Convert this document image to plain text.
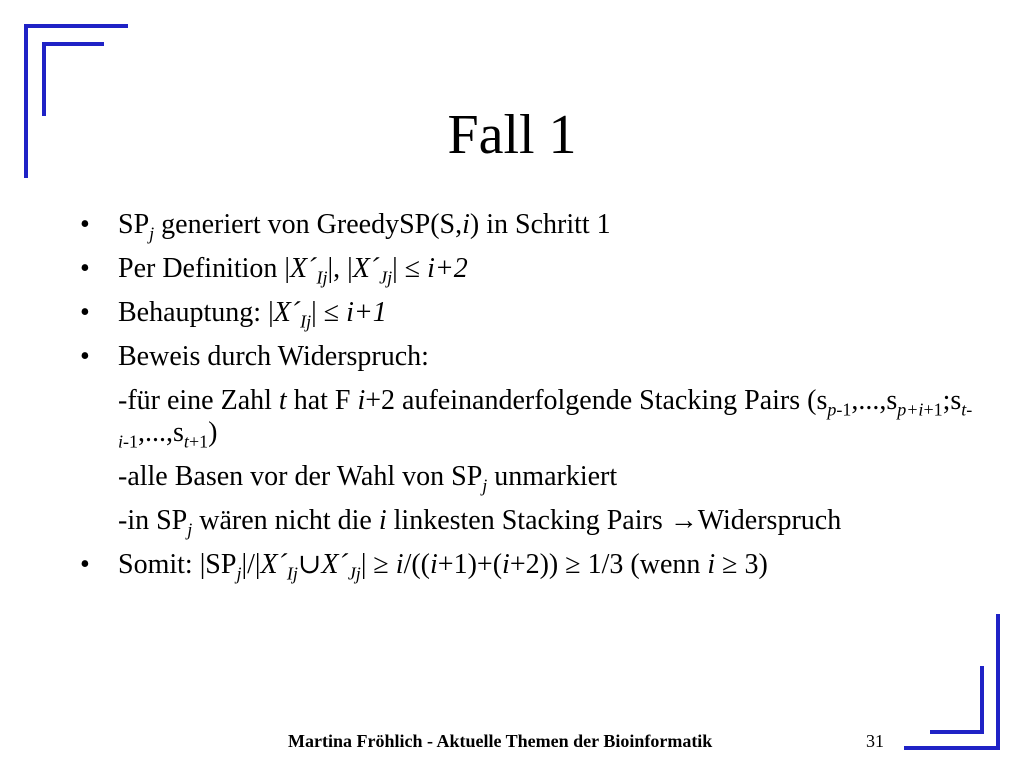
Fall 1
• $SP_j$ generiert von GreedySP(S,i) in Schritt 1
• Per Definition $|X´_{Ij}|$, $|X´_{Jj}| \le i+2$
• Behauptung: $|X´_{Ij}| \le i+1$
• Beweis durch Widerspruch:
-für eine Zahl t hat F i+2 aufeinanderfolgende Stacking Pairs $(s_{p-1},...,s_{p+i+1};s_{t-i-1},...,s_{t+1})$
-alle Basen vor der Wahl von $SP_j$ unmarkiert
-in $SP_j$ wären nicht die i linkesten Stacking Pairs →Widerspruch
• Somit: $|SP_j|/|X´_{Ij}\cup X´_{Jj}| \ge i/((i+1)+(i+2)) \ge 1/3$ (wenn i ≥ 3)
Martina Fröhlich - Aktuelle Themen der Bioinformatik	31
